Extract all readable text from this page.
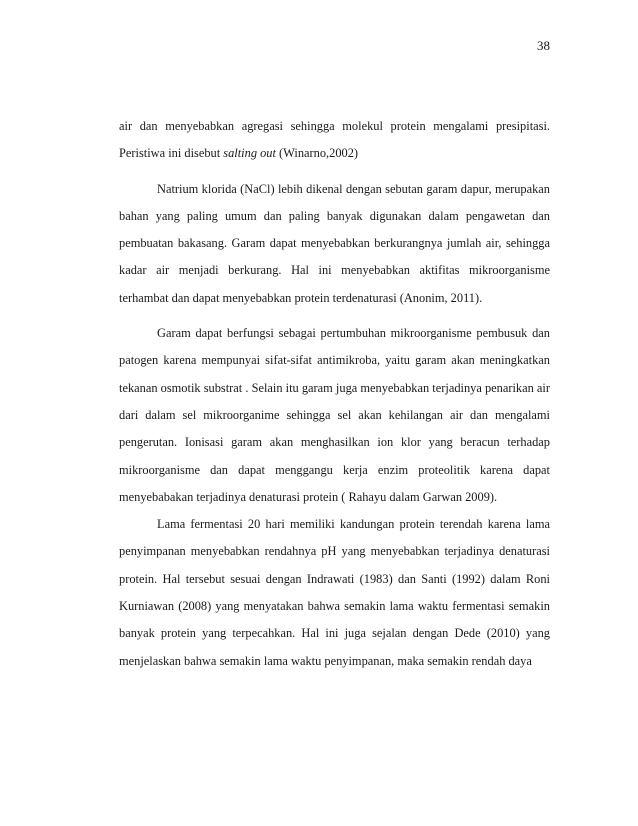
38

air dan menyebabkan agregasi sehingga molekul protein mengalami presipitasi. Peristiwa ini disebut salting out (Winarno,2002)

Natrium klorida (NaCl) lebih dikenal dengan sebutan garam dapur, merupakan bahan yang paling umum dan paling banyak digunakan dalam pengawetan dan pembuatan bakasang. Garam dapat menyebabkan berkurangnya jumlah air, sehingga kadar air menjadi berkurang. Hal ini menyebabkan aktifitas mikroorganisme terhambat dan dapat menyebabkan protein terdenaturasi (Anonim, 2011).

Garam dapat berfungsi sebagai pertumbuhan mikroorganisme pembusuk dan patogen karena mempunyai sifat-sifat antimikroba, yaitu garam akan meningkatkan tekanan osmotik substrat . Selain itu garam juga menyebabkan terjadinya penarikan air dari dalam sel mikroorganime sehingga sel akan kehilangan air dan mengalami pengerutan. Ionisasi garam akan menghasilkan ion klor yang beracun terhadap mikroorganisme dan dapat menggangu kerja enzim proteolitik karena dapat menyebabakan terjadinya denaturasi protein ( Rahayu dalam Garwan 2009).

Lama fermentasi 20 hari memiliki kandungan protein terendah karena lama penyimpanan menyebabkan rendahnya pH yang menyebabkan terjadinya denaturasi protein. Hal tersebut sesuai dengan Indrawati (1983) dan Santi (1992) dalam Roni Kurniawan (2008) yang menyatakan bahwa semakin lama waktu fermentasi semakin banyak protein yang terpecahkan. Hal ini juga sejalan dengan Dede (2010) yang menjelaskan bahwa semakin lama waktu penyimpanan, maka semakin rendah daya
